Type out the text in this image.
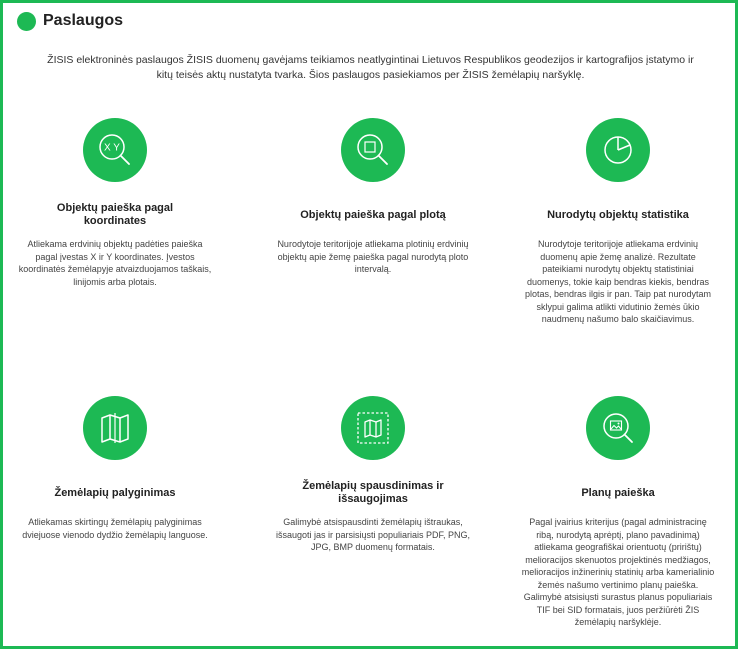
Paslaugos

ŽISIS elektroninės paslaugos ŽISIS duomenų gavėjams teikiamos neatlygintinai Lietuvos Respublikos geodezijos ir kartografijos įstatymo ir kitų teisės aktų nustatyta tvarka. Šios paslaugos pasiekiamos per ŽISIS žemėlapių naršyklę.

X Y
Objektų paieška pagal koordinates
Atliekama erdvinių objektų padėties paieška pagal įvestas X ir Y koordinates. Įvestos koordinatės žemėlapyje atvaizduojamos taškais, linijomis arba plotais.
Objektų paieška pagal plotą
Nurodytoje teritorijoje atliekama plotinių erdvinių objektų apie žemę paieška pagal nurodytą ploto intervalą.
Nurodytų objektų statistika
Nurodytoje teritorijoje atliekama erdvinių duomenų apie žemę analizė. Rezultate pateikiami nurodytų objektų statistiniai duomenys, tokie kaip bendras kiekis, bendras plotas, bendras ilgis ir pan. Taip pat nurodytam sklypui galima atlikti vidutinio žemės ūkio naudmenų našumo balo skaičiavimus.
Žemėlapių palyginimas
Atliekamas skirtingų žemėlapių palyginimas dviejuose vienodo dydžio žemėlapių languose.
Žemėlapių spausdinimas ir išsaugojimas
Galimybė atsispausdinti žemėlapių ištraukas, išsaugoti jas ir parsisiųsti populiariais PDF, PNG, JPG, BMP duomenų formatais.
Planų paieška
Pagal įvairius kriterijus (pagal administracinę ribą, nurodytą aprėptį, plano pavadinimą) atliekama geografiškai orientuotų (pririštų) melioracijos skenuotos projektinės medžiagos, melioracijos inžinerinių statinių arba kamerialinio žemės našumo vertinimo planų paieška. Galimybė atsisiųsti surastus planus populiariais TIF bei SID formatais, juos peržiūrėti ŽIS žemėlapių naršyklėje.
